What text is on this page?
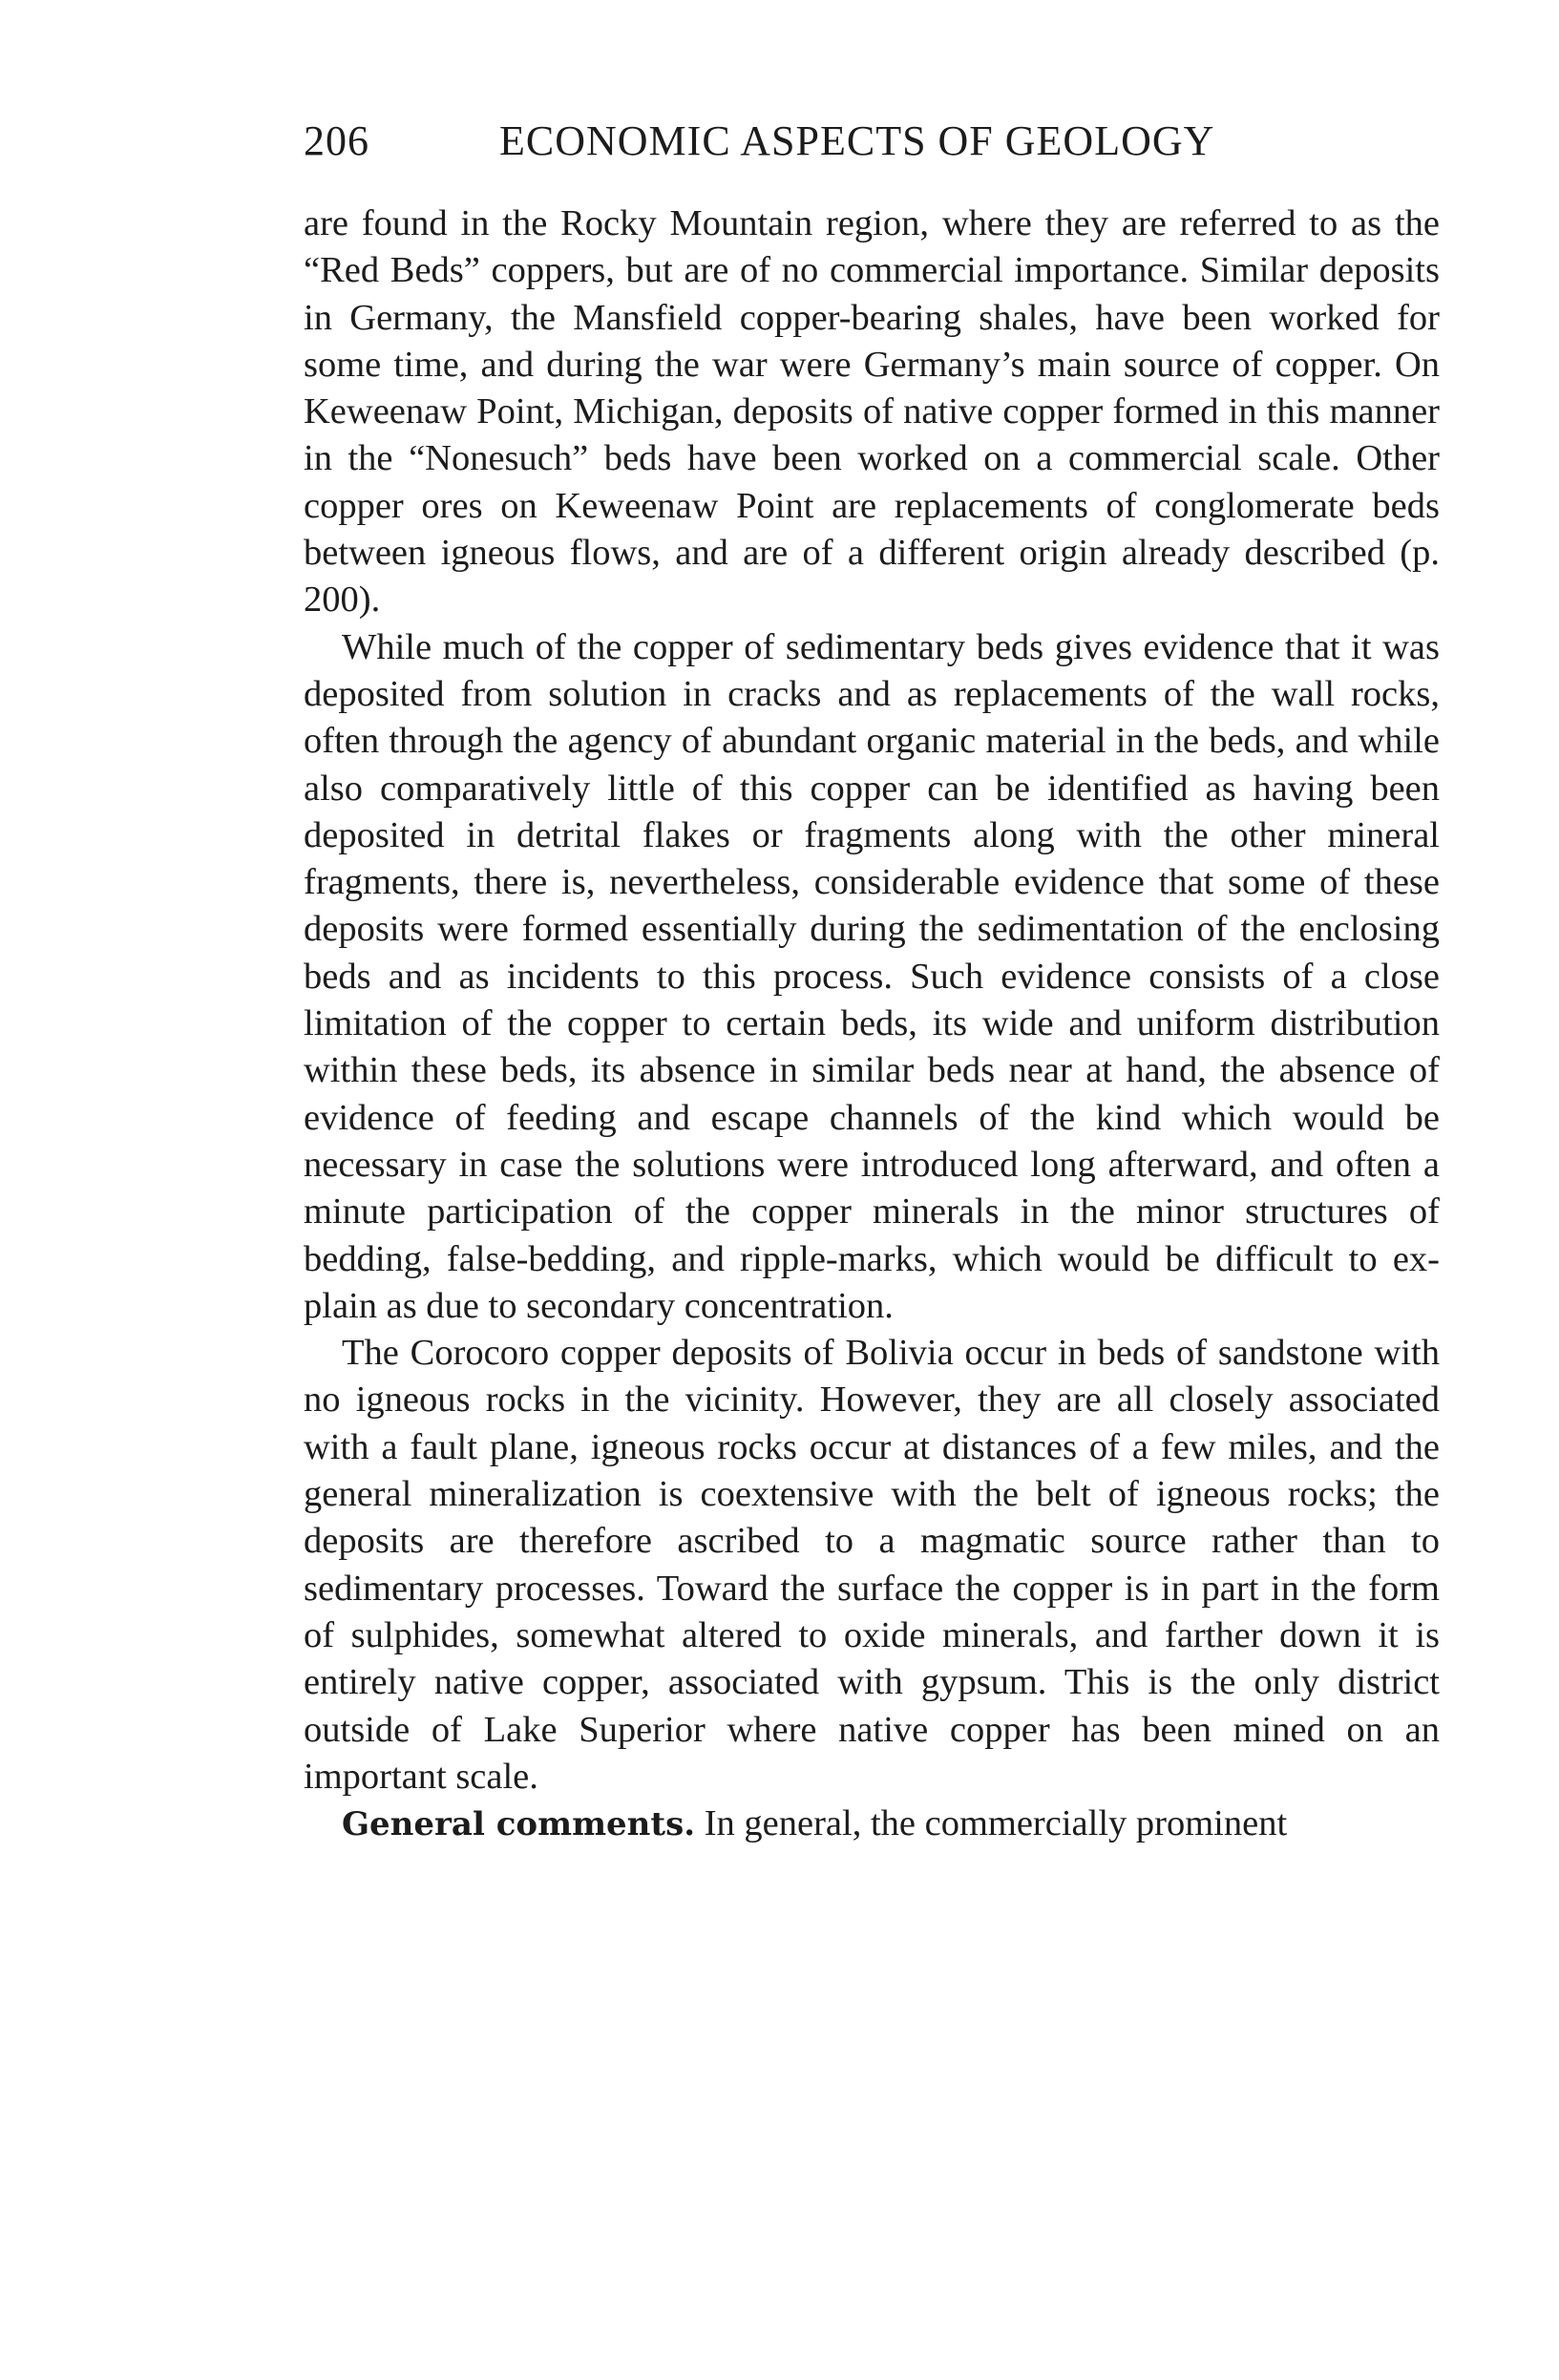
206	ECONOMIC ASPECTS OF GEOLOGY

are found in the Rocky Mountain region, where they are referred to as the “Red Beds” coppers, but are of no commercial importance. Similar deposits in Germany, the Mansfield copper-bearing shales, have been worked for some time, and during the war were Germany’s main source of copper. On Keweenaw Point, Michigan, deposits of native copper formed in this manner in the “Nonesuch” beds have been worked on a commercial scale. Other copper ores on Keweenaw Point are replacements of conglomerate beds between igneous flows, and are of a different origin already described (p. 200).

While much of the copper of sedimentary beds gives evidence that it was deposited from solution in cracks and as replacements of the wall rocks, often through the agency of abundant organic material in the beds, and while also comparatively little of this copper can be identified as having been deposited in detrital flakes or fragments along with the other mineral fragments, there is, nevertheless, considerable evidence that some of these deposits were formed essentially during the sedimentation of the enclosing beds and as incidents to this process. Such evidence consists of a close limitation of the copper to certain beds, its wide and uniform distribution within these beds, its absence in similar beds near at hand, the absence of evidence of feeding and escape channels of the kind which would be necessary in case the solutions were introduced long afterward, and often a minute participation of the copper minerals in the minor structures of bedding, false-bedding, and ripple-marks, which would be difficult to explain as due to secondary concentration.

The Corocoro copper deposits of Bolivia occur in beds of sandstone with no igneous rocks in the vicinity. However, they are all closely associated with a fault plane, igneous rocks occur at distances of a few miles, and the general mineralization is coextensive with the belt of igneous rocks; the deposits are therefore ascribed to a magmatic source rather than to sedimentary processes. Toward the surface the copper is in part in the form of sulphides, somewhat altered to oxide minerals, and farther down it is entirely native copper, associated with gypsum. This is the only district outside of Lake Superior where native copper has been mined on an important scale.

General comments. In general, the commercially prominent
